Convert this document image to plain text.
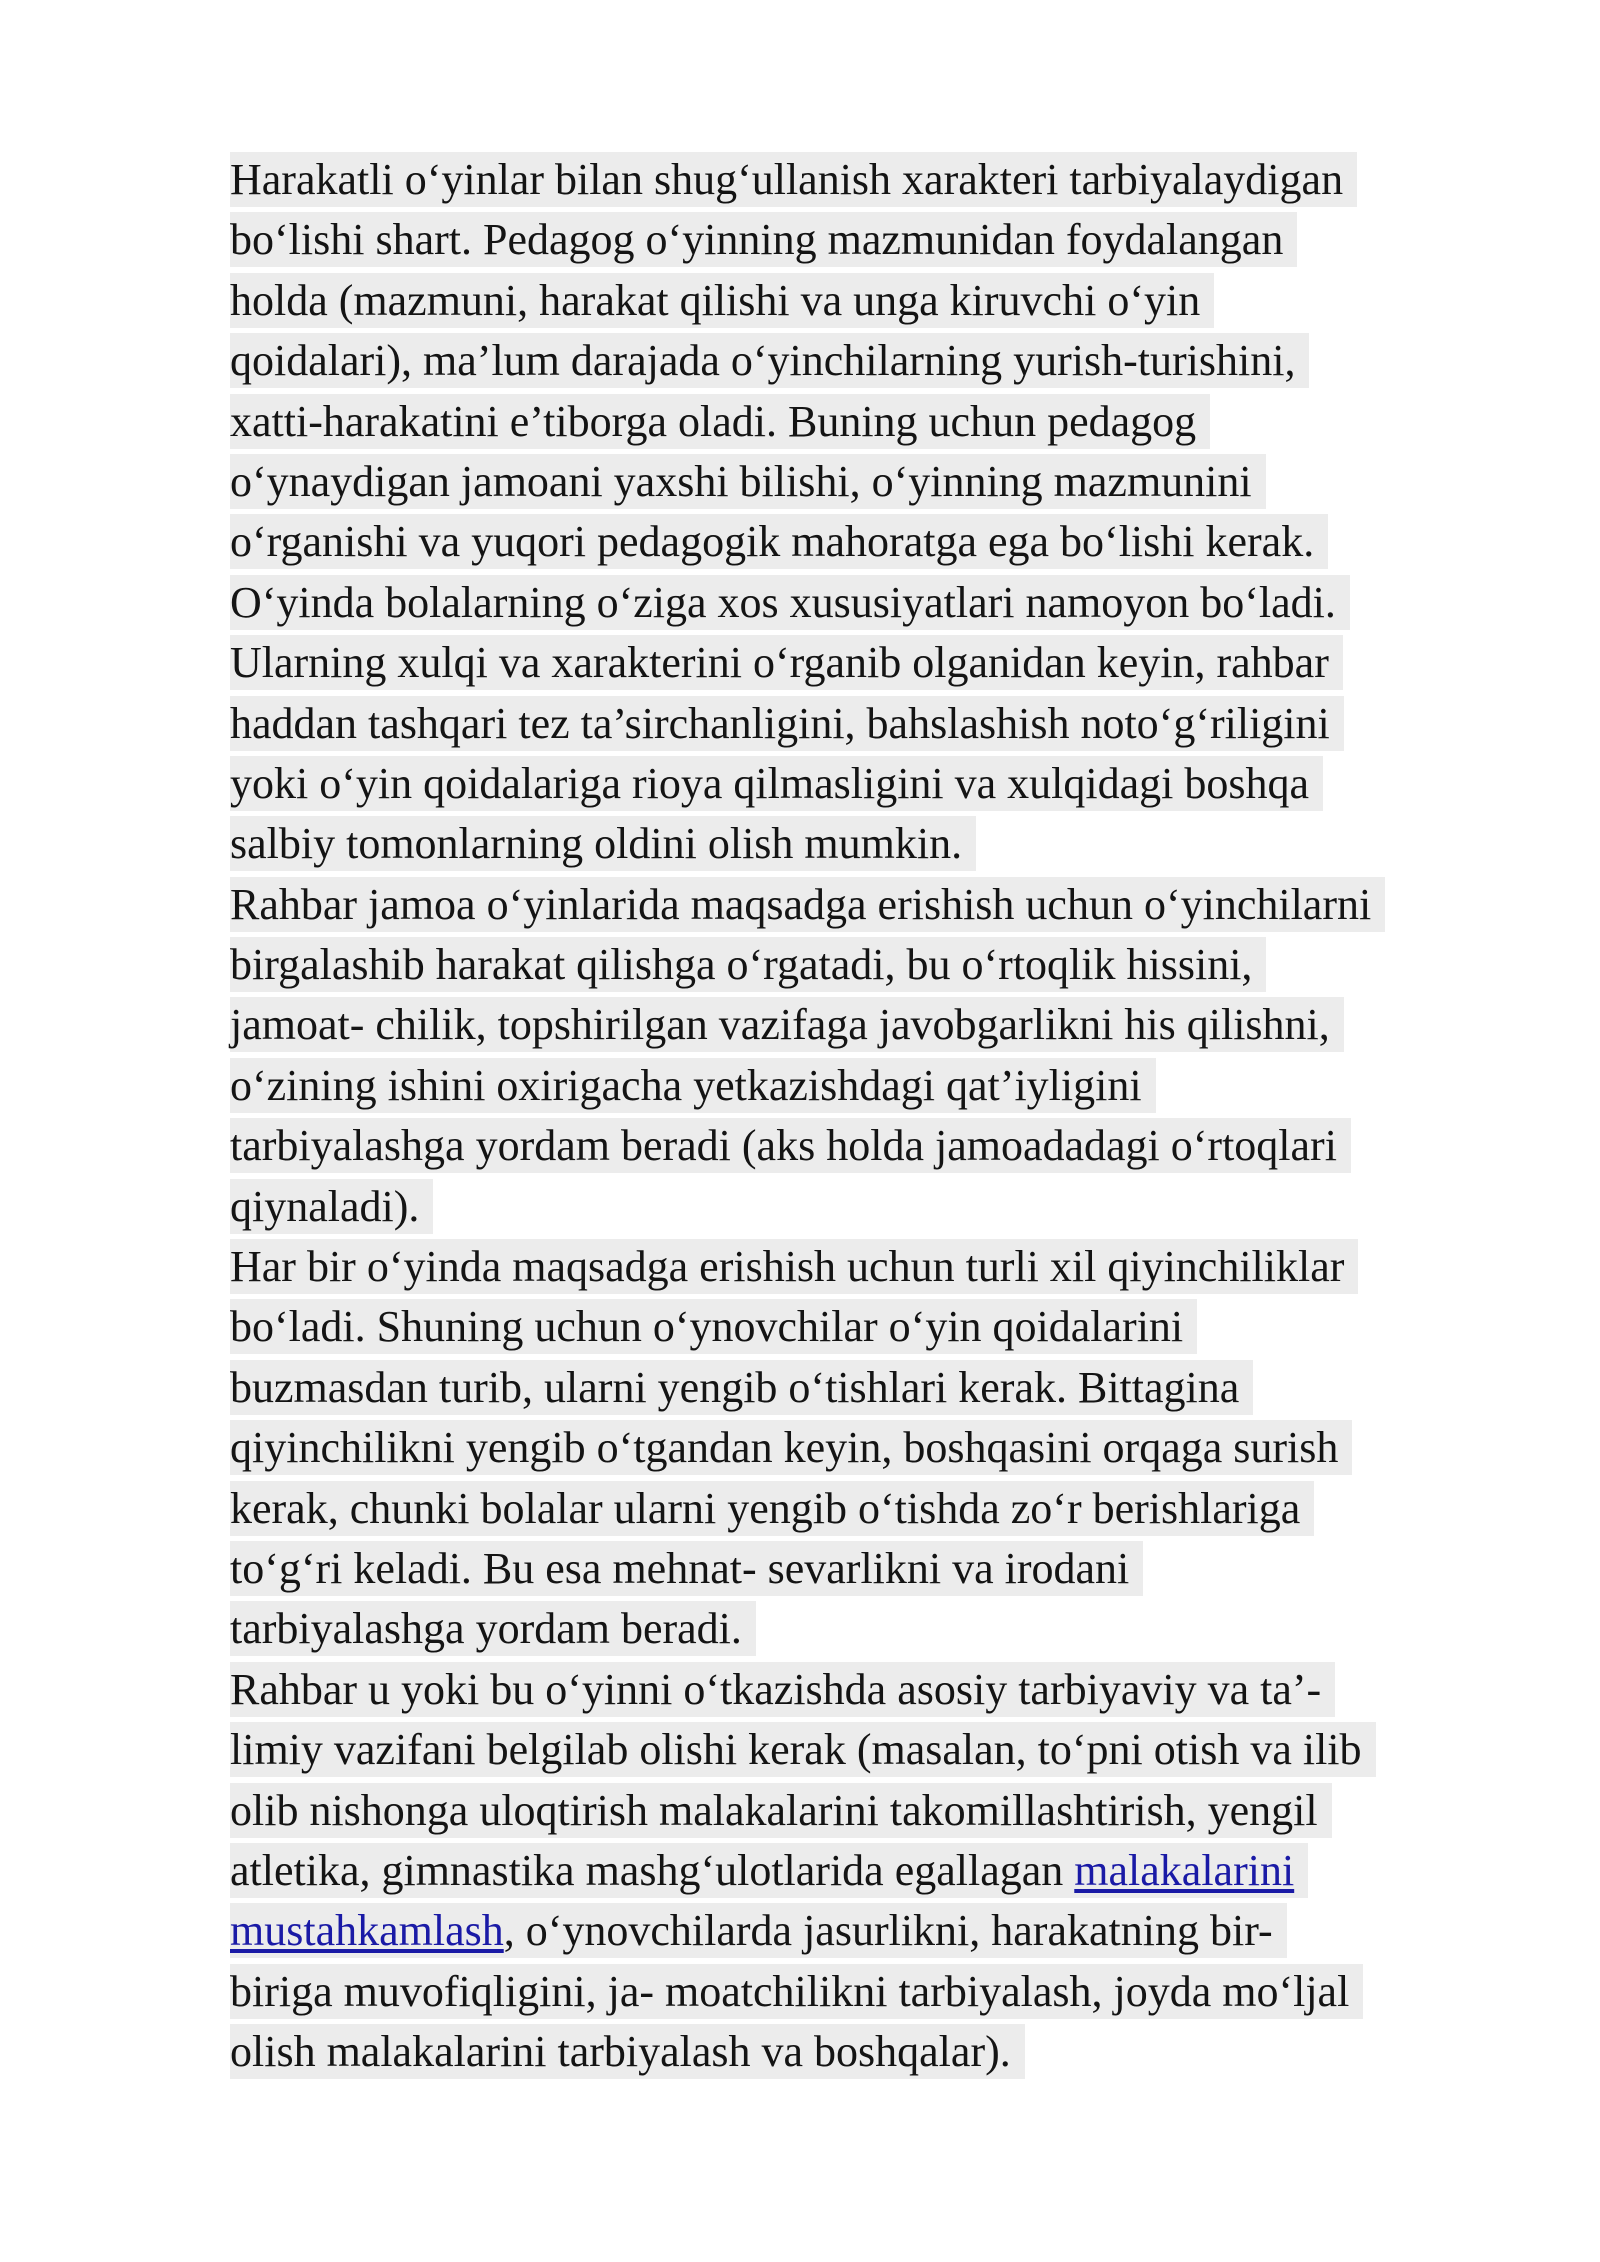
Harakatli o‘yinlar bilan shug‘ullanish xarakteri tarbiyalaydigan
bo‘lishi shart. Pedagog o‘yinning mazmunidan foydalangan
holda (mazmuni, harakat qilishi va unga kiruvchi o‘yin
qoidalari), ma’lum darajada o‘yinchilarning yurish-turishini,
xatti-harakatini e’tiborga oladi. Buning uchun pedagog
o‘ynaydigan jamoani yaxshi bilishi, o‘yinning mazmunini
o‘rganishi va yuqori pedagogik mahoratga ega bo‘lishi kerak.
O‘yinda bolalarning o‘ziga xos xususiyatlari namoyon bo‘ladi.
Ularning xulqi va xarakterini o‘rganib olganidan keyin, rahbar
haddan tashqari tez ta’sirchanligini, bahslashish noto‘g‘riligini
yoki o‘yin qoidalariga rioya qilmasligini va xulqidagi boshqa
salbiy tomonlarning oldini olish mumkin.
Rahbar jamoa o‘yinlarida maqsadga erishish uchun o‘yinchilarni
birgalashib harakat qilishga o‘rgatadi, bu o‘rtoqlik hissini,
jamoat- chilik, topshirilgan vazifaga javobgarlikni his qilishni,
o‘zining ishini oxirigacha yetkazishdagi qat’iyligini
tarbiyalashga yordam beradi (aks holda jamoadadagi o‘rtoqlari
qiynaladi).
Har bir o‘yinda maqsadga erishish uchun turli xil qiyinchiliklar
bo‘ladi. Shuning uchun o‘ynovchilar o‘yin qoidalarini
buzmasdan turib, ularni yengib o‘tishlari kerak. Bittagina
qiyinchilikni yengib o‘tgandan keyin, boshqasini orqaga surish
kerak, chunki bolalar ularni yengib o‘tishda zo‘r berishlariga
to‘g‘ri keladi. Bu esa mehnat- sevarlikni va irodani
tarbiyalashga yordam beradi.
Rahbar u yoki bu o‘yinni o‘tkazishda asosiy tarbiyaviy va ta’-
limiy vazifani belgilab olishi kerak (masalan, to‘pni otish va ilib
olib nishonga uloqtirish malakalarini takomillashtirish, yengil
atletika, gimnastika mashg‘ulotlarida egallagan malakalarini
mustahkamlash, o‘ynovchilarda jasurlikni, harakatning bir-
biriga muvofiqligini, ja- moatchilikni tarbiyalash, joyda mo‘ljal
olish malakalarini tarbiyalash va boshqalar).
